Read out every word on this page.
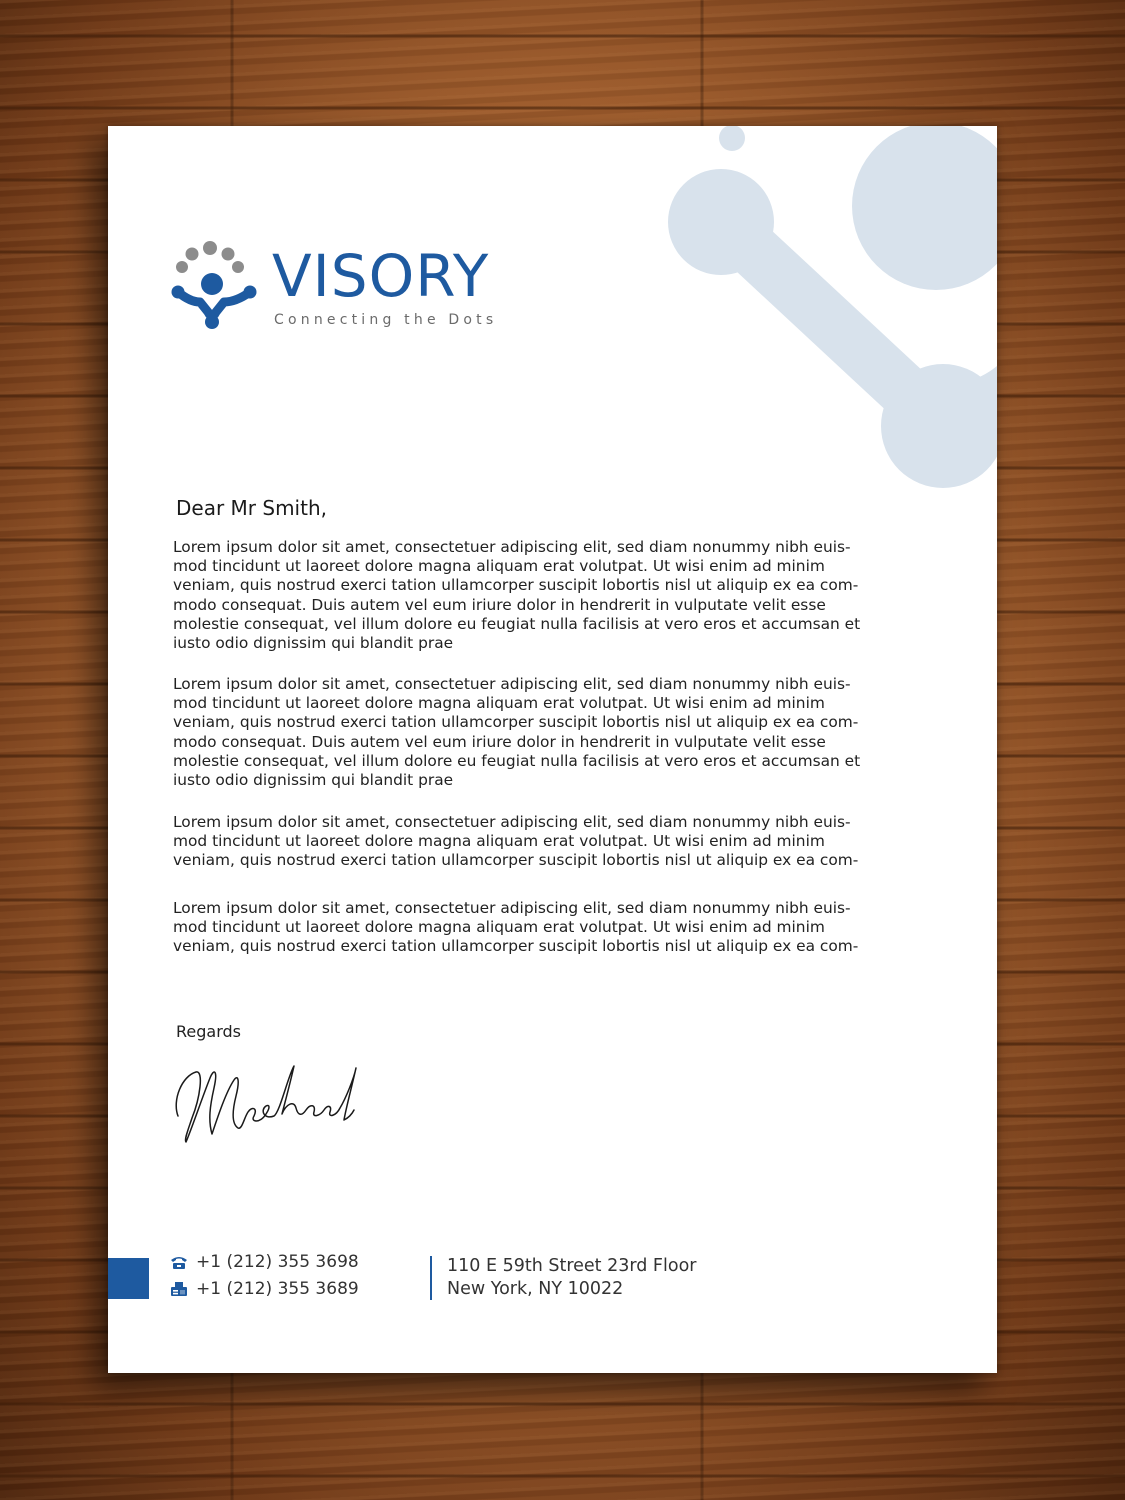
VISORY
Connecting the Dots
Dear Mr Smith,

Lorem ipsum dolor sit amet, consectetuer adipiscing elit, sed diam nonummy nibh euis-
mod tincidunt ut laoreet dolore magna aliquam erat volutpat. Ut wisi enim ad minim
veniam, quis nostrud exerci tation ullamcorper suscipit lobortis nisl ut aliquip ex ea com-
modo consequat. Duis autem vel eum iriure dolor in hendrerit in vulputate velit esse
molestie consequat, vel illum dolore eu feugiat nulla facilisis at vero eros et accumsan et
iusto odio dignissim qui blandit prae

Lorem ipsum dolor sit amet, consectetuer adipiscing elit, sed diam nonummy nibh euis-
mod tincidunt ut laoreet dolore magna aliquam erat volutpat. Ut wisi enim ad minim
veniam, quis nostrud exerci tation ullamcorper suscipit lobortis nisl ut aliquip ex ea com-
modo consequat. Duis autem vel eum iriure dolor in hendrerit in vulputate velit esse
molestie consequat, vel illum dolore eu feugiat nulla facilisis at vero eros et accumsan et
iusto odio dignissim qui blandit prae

Lorem ipsum dolor sit amet, consectetuer adipiscing elit, sed diam nonummy nibh euis-
mod tincidunt ut laoreet dolore magna aliquam erat volutpat. Ut wisi enim ad minim
veniam, quis nostrud exerci tation ullamcorper suscipit lobortis nisl ut aliquip ex ea com-

Lorem ipsum dolor sit amet, consectetuer adipiscing elit, sed diam nonummy nibh euis-
mod tincidunt ut laoreet dolore magna aliquam erat volutpat. Ut wisi enim ad minim
veniam, quis nostrud exerci tation ullamcorper suscipit lobortis nisl ut aliquip ex ea com-

Regards
+1 (212) 355 3698
+1 (212) 355 3689
110 E 59th Street 23rd Floor
New York, NY 10022
